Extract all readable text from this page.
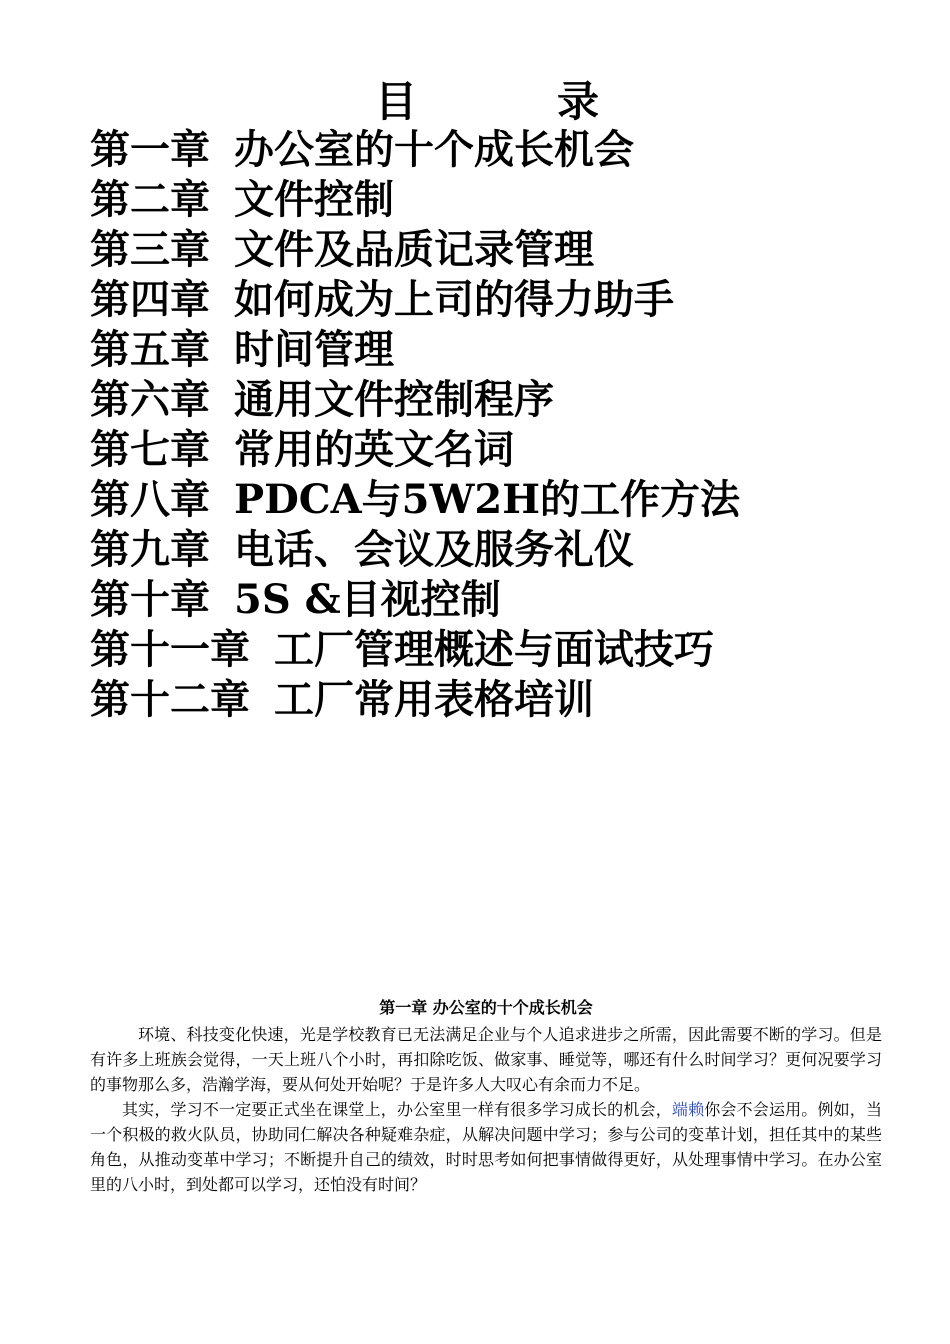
目	录
第一章 办公室的十个成长机会
第二章 文件控制
第三章 文件及品质记录管理
第四章 如何成为上司的得力助手
第五章 时间管理
第六章 通用文件控制程序
第七章 常用的英文名词
第八章 PDCA与5W2H的工作方法
第九章 电话、会议及服务礼仪
第十章 5S &目视控制
第十一章 工厂管理概述与面试技巧
第十二章 工厂常用表格培训

第一章 办公室的十个成长机会

环境、科技变化快速，光是学校教育已无法满足企业与个人追求进步之所需，因此需要不断的学习。但是有许多上班族会觉得，一天上班八个小时，再扣除吃饭、做家事、睡觉等，哪还有什么时间学习？更何况要学习的事物那么多，浩瀚学海，要从何处开始呢？于是许多人大叹心有余而力不足。

其实，学习不一定要正式坐在课堂上，办公室里一样有很多学习成长的机会，端赖你会不会运用。例如，当一个积极的救火队员，协助同仁解决各种疑难杂症，从解决问题中学习；参与公司的变革计划，担任其中的某些角色，从推动变革中学习；不断提升自己的绩效，时时思考如何把事情做得更好，从处理事情中学习。在办公室里的八小时，到处都可以学习，还怕没有时间？
